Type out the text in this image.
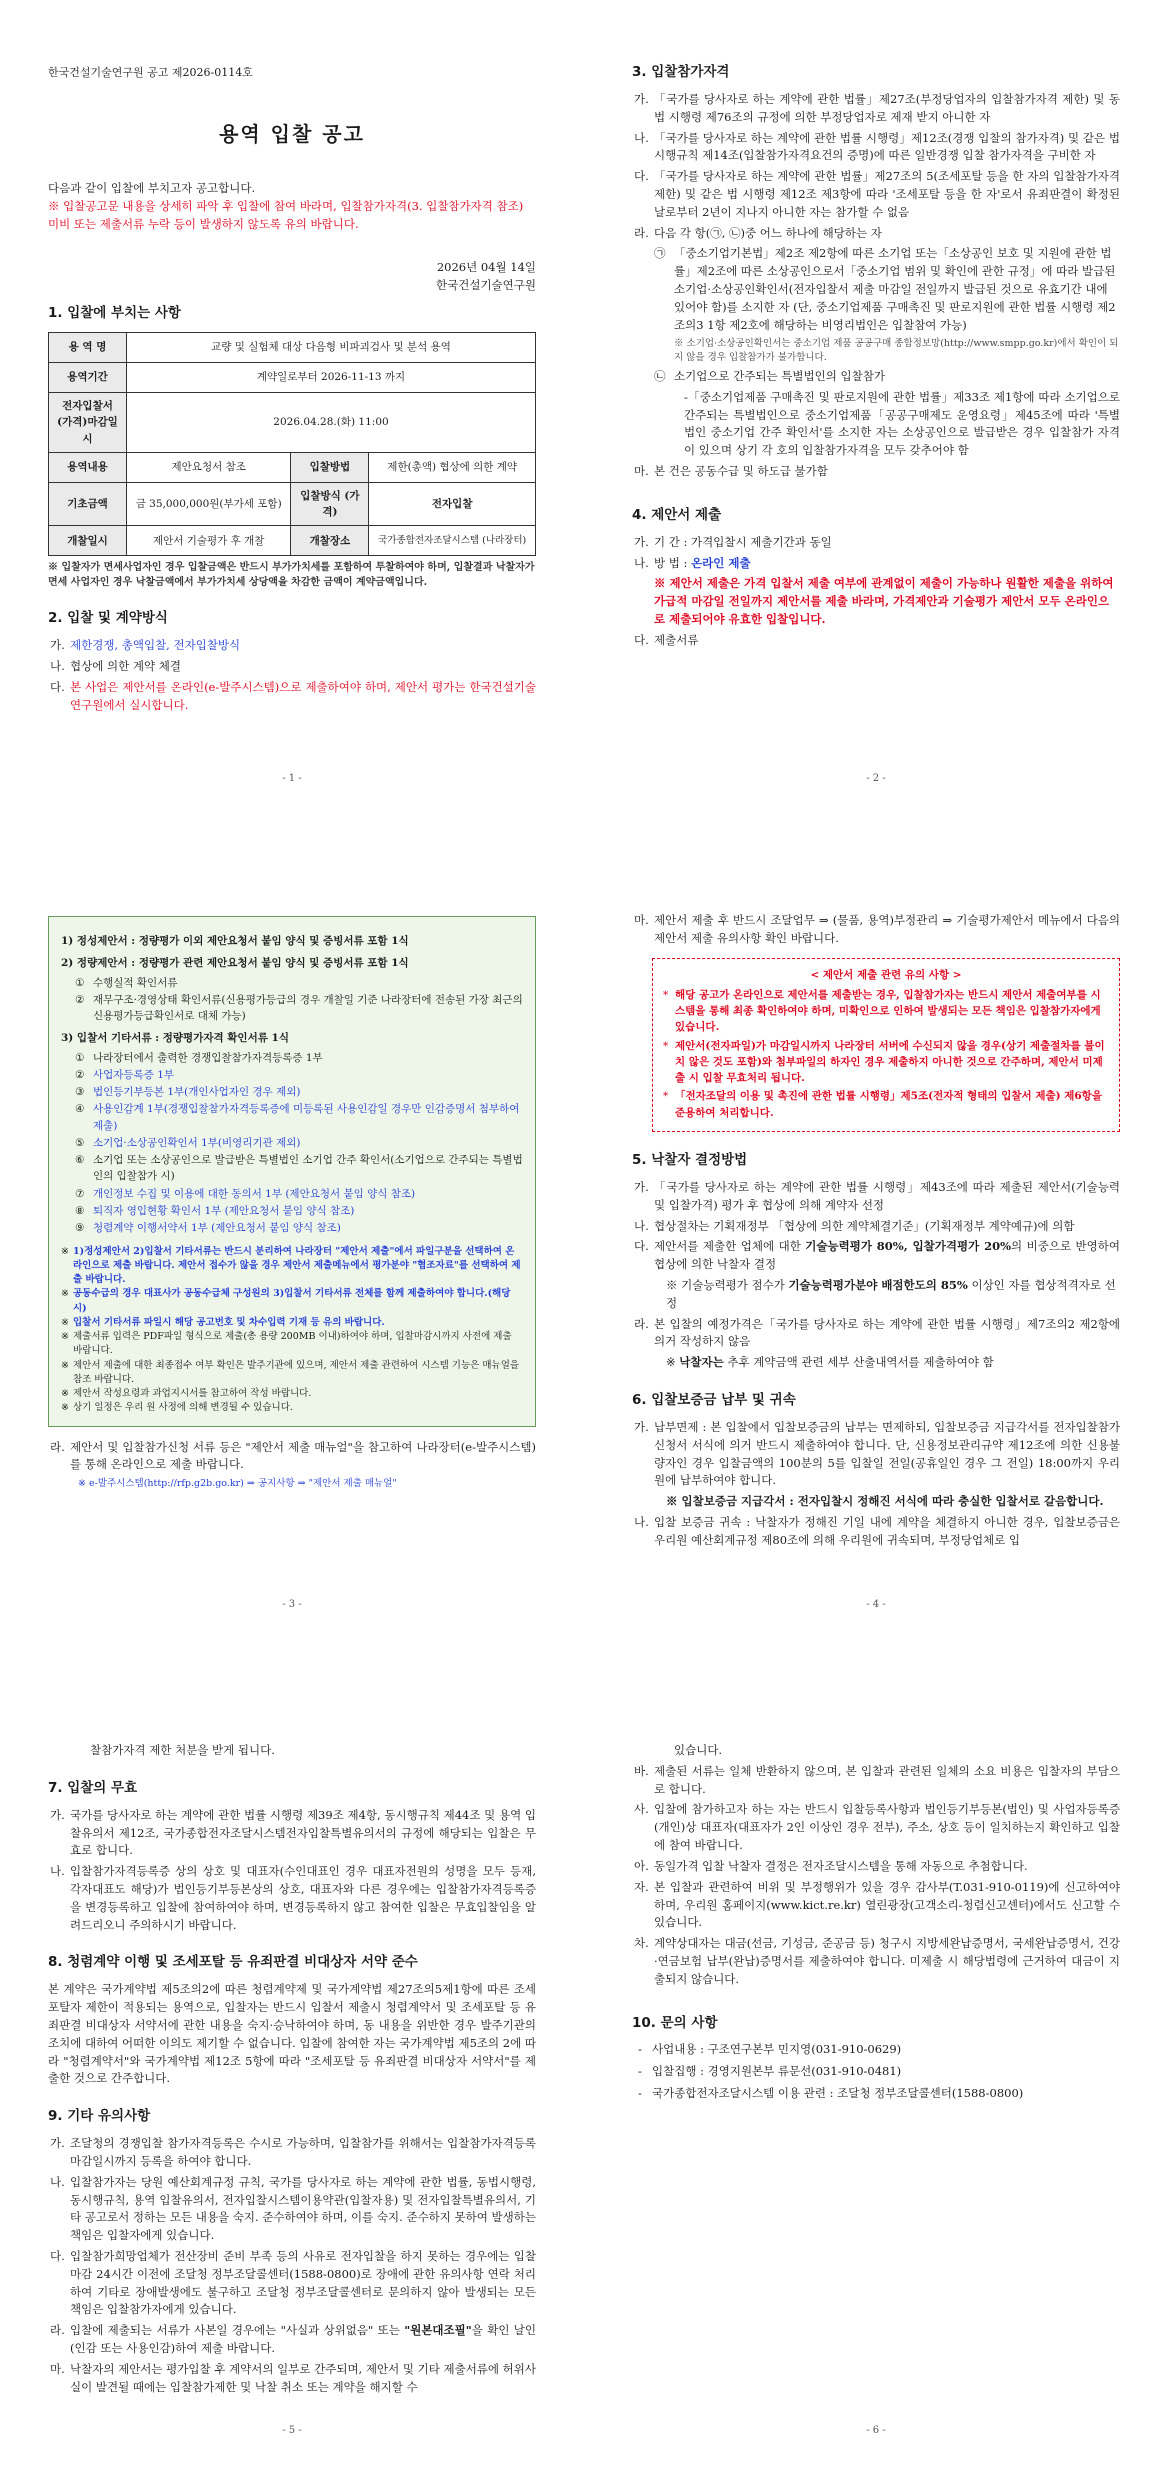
한국건설기술연구원 공고 제2026-0114호
용역 입찰 공고
다음과 같이 입찰에 부치고자 공고합니다.
※ 입찰공고문 내용을 상세히 파악 후 입찰에 참여 바라며, 입찰참가자격(3. 입찰참가자격 참조) 미비 또는 제출서류 누락 등이 발생하지 않도록 유의 바랍니다.
2026년 04월 14일
한국건설기술연구원
1. 입찰에 부치는 사항
용 역 명	교량 및 실험체 대상 다음형 비파괴검사 및 분석 용역		
용역기간	계약일로부터 2026-11-13 까지		
전자입찰서 (가격)마감일시	2026.04.28.(화) 11:00		
용역내용	제안요청서 참조	입찰방법	제한(총액) 협상에 의한 계약
기초금액	금 35,000,000원(부가세 포함)	입찰방식 (가격)	전자입찰
개찰일시	제안서 기술평가 후 개찰	개찰장소	국가종합전자조달시스템 (나라장터)
※ 입찰자가 면세사업자인 경우 입찰금액은 반드시 부가가치세를 포함하여 투찰하여야 하며, 입찰결과 낙찰자가 면세 사업자인 경우 낙찰금액에서 부가가치세 상당액을 차감한 금액이 계약금액입니다.
2. 입찰 및 계약방식
가. 제한경쟁, 총액입찰, 전자입찰방식
나. 협상에 의한 계약 체결
다. 본 사업은 제안서를 온라인(e-발주시스템)으로 제출하여야 하며, 제안서 평가는 한국건설기술연구원에서 실시합니다.
- 1 -
3. 입찰참가자격
가. 「국가를 당사자로 하는 계약에 관한 법률」제27조(부정당업자의 입찰참가자격 제한) 및 동법 시행령 제76조의 규정에 의한 부정당업자로 제재 받지 아니한 자
나. 「국가를 당사자로 하는 계약에 관한 법률 시행령」제12조(경쟁 입찰의 참가자격) 및 같은 법 시행규칙 제14조(입찰참가자격요건의 증명)에 따른 일반경쟁 입찰 참가자격을 구비한 자
다. 「국가를 당사자로 하는 계약에 관한 법률」제27조의 5(조세포탈 등을 한 자의 입찰참가자격 제한) 및 같은 법 시행령 제12조 제3항에 따라 '조세포탈 등을 한 자'로서 유죄판결이 확정된 날로부터 2년이 지나지 아니한 자는 참가할 수 없음
라. 다음 각 항(㉠, ㉡)중 어느 하나에 해당하는 자
㉠ 「중소기업기본법」제2조 제2항에 따른 소기업 또는「소상공인 보호 및 지원에 관한 법률」제2조에 따른 소상공인으로서「중소기업 범위 및 확인에 관한 규정」에 따라 발급된 소기업·소상공인확인서(전자입찰서 제출 마감일 전일까지 발급된 것으로 유효기간 내에 있어야 함)를 소지한 자 (단, 중소기업제품 구매촉진 및 판로지원에 관한 법률 시행령 제2조의3 1항 제2호에 해당하는 비영리법인은 입찰참여 가능)
※ 소기업·소상공인확인서는 중소기업 제품 공공구매 종합정보망(http://www.smpp.go.kr)에서 확인이 되지 않을 경우 입찰참가가 불가합니다.
㉡ 소기업으로 간주되는 특별법인의 입찰참가
-「중소기업제품 구매촉진 및 판로지원에 관한 법률」제33조 제1항에 따라 소기업으로 간주되는 특별법인으로 중소기업제품「공공구매제도 운영요령」제45조에 따라 '특별법인 중소기업 간주 확인서'를 소지한 자는 소상공인으로 발급받은 경우 입찰참가 자격이 있으며 상기 각 호의 입찰참가자격을 모두 갖추어야 함
마. 본 건은 공동수급 및 하도급 불가함
4. 제안서 제출
가. 기 간 : 가격입찰시 제출기간과 동일
나. 방 법 : 온라인 제출
※ 제안서 제출은 가격 입찰서 제출 여부에 관계없이 제출이 가능하나 원활한 제출을 위하여 가급적 마감일 전일까지 제안서를 제출 바라며, 가격제안과 기술평가 제안서 모두 온라인으로 제출되어야 유효한 입찰입니다.
다. 제출서류
- 2 -
1) 정성제안서 : 정량평가 이외 제안요청서 붙임 양식 및 증빙서류 포함 1식
2) 정량제안서 : 정량평가 관련 제안요청서 붙임 양식 및 증빙서류 포함 1식
① 수행실적 확인서류
② 재무구조·경영상태 확인서류(신용평가등급의 경우 개찰일 기준 나라장터에 전송된 가장 최근의 신용평가등급확인서로 대체 가능)
3) 입찰서 기타서류 : 정량평가자격 확인서류 1식
① 나라장터에서 출력한 경쟁입찰참가자격등록증 1부
② 사업자등록증 1부
③ 법인등기부등본 1부(개인사업자인 경우 제외)
④ 사용인감계 1부(경쟁입찰참가자격등록증에 미등록된 사용인감일 경우만 인감증명서 첨부하여 제출)
⑤ 소기업·소상공인확인서 1부(비영리기관 제외)
⑥ 소기업 또는 소상공인으로 발급받은 특별법인 소기업 간주 확인서(소기업으로 간주되는 특별법인의 입찰참가 시)
⑦ 개인정보 수집 및 이용에 대한 동의서 1부 (제안요청서 붙임 양식 참조)
⑧ 퇴직자 영입현황 확인서 1부 (제안요청서 붙임 양식 참조)
⑨ 청렴계약 이행서약서 1부 (제안요청서 붙임 양식 참조)
※ 1)정성제안서 2)입찰서 기타서류는 반드시 분리하여 나라장터 "제안서 제출"에서 파일구분을 선택하여 온라인으로 제출 바랍니다. 제안서 접수가 않을 경우 제안서 제출메뉴에서 평가분야 "협조자료"를 선택하여 제출 바랍니다.
※ 공동수급의 경우 대표사가 공동수급체 구성원의 3)입찰서 기타서류 전체를 함께 제출하여야 합니다.(해당 시)
※ 입찰서 기타서류 파일시 해당 공고번호 및 차수입력 기재 등 유의 바랍니다.
※ 제출서류 입력은 PDF파일 형식으로 제출(총 용량 200MB 이내)하여야 하며, 입찰마감시까지 사전에 제출 바랍니다.
※ 제안서 제출에 대한 최종접수 여부 확인은 발주기관에 있으며, 제안서 제출 관련하여 시스템 기능은 매뉴얼을 참조 바랍니다.
※ 제안서 작성요령과 과업지시서를 참고하여 작성 바랍니다.
※ 상기 일정은 우리 원 사정에 의해 변경될 수 있습니다.
라. 제안서 및 입찰참가신청 서류 등은 "제안서 제출 매뉴얼"을 참고하여 나라장터(e-발주시스템)를 통해 온라인으로 제출 바랍니다.
※ e-발주시스템(http://rfp.g2b.go.kr) ⇒ 공지사항 ⇒ "제안서 제출 매뉴얼"
- 3 -
마. 제안서 제출 후 반드시 조달업무 ⇒ (물품, 용역)부정관리 ⇒ 기술평가제안서 메뉴에서 다음의 제안서 제출 유의사항 확인 바랍니다.
< 제안서 제출 관련 유의 사항 >
* 해당 공고가 온라인으로 제안서를 제출받는 경우, 입찰참가자는 반드시 제안서 제출여부를 시스템을 통해 최종 확인하여야 하며, 미확인으로 인하여 발생되는 모든 책임은 입찰참가자에게 있습니다.
* 제안서(전자파일)가 마감일시까지 나라장터 서버에 수신되지 않을 경우(상기 제출절차를 불이치 않은 것도 포함)와 첨부파일의 하자인 경우 제출하지 아니한 것으로 간주하며, 제안서 미제출 시 입찰 무효처리 됩니다.
* 「전자조달의 이용 및 촉진에 관한 법률 시행령」제5조(전자적 형태의 입찰서 제출) 제6항을 준용하여 처리합니다.
5. 낙찰자 결정방법
가. 「국가를 당사자로 하는 계약에 관한 법률 시행령」제43조에 따라 제출된 제안서(기술능력 및 입찰가격) 평가 후 협상에 의해 계약자 선정
나. 협상절차는 기획재정부 「협상에 의한 계약체결기준」(기획재정부 계약예규)에 의함
다. 제안서를 제출한 업체에 대한 기술능력평가 80%, 입찰가격평가 20%의 비중으로 반영하여 협상에 의한 낙찰자 결정
※ 기술능력평가 점수가 기술능력평가분야 배점한도의 85% 이상인 자를 협상적격자로 선정
라. 본 입찰의 예정가격은「국가를 당사자로 하는 계약에 관한 법률 시행령」제7조의2 제2항에 의거 작성하지 않음
※ 낙찰자는 추후 계약금액 관련 세부 산출내역서를 제출하여야 함
6. 입찰보증금 납부 및 귀속
가. 납부면제 : 본 입찰에서 입찰보증금의 납부는 면제하되, 입찰보증금 지급각서를 전자입찰참가신청서 서식에 의거 반드시 제출하여야 합니다. 단, 신용정보관리규약 제12조에 의한 신용불량자인 경우 입찰금액의 100분의 5를 입찰일 전일(공휴일인 경우 그 전일) 18:00까지 우리원에 납부하여야 합니다.
※ 입찰보증금 지급각서 : 전자입찰시 정해진 서식에 따라 충실한 입찰서로 갈음합니다.
나. 입찰 보증금 귀속 : 낙찰자가 정해진 기일 내에 계약을 체결하지 아니한 경우, 입찰보증금은 우리원 예산회계규정 제80조에 의해 우리원에 귀속되며, 부정당업체로 입
- 4 -
찰참가자격 제한 처분을 받게 됩니다.
7. 입찰의 무효
가. 국가를 당사자로 하는 계약에 관한 법률 시행령 제39조 제4항, 동시행규칙 제44조 및 용역 입찰유의서 제12조, 국가종합전자조달시스템전자입찰특별유의서의 규정에 해당되는 입찰은 무효로 합니다.
나. 입찰참가자격등록증 상의 상호 및 대표자(수인대표인 경우 대표자전원의 성명을 모두 등재, 각자대표도 해당)가 법인등기부등본상의 상호, 대표자와 다른 경우에는 입찰참가자격등록증을 변경등록하고 입찰에 참여하여야 하며, 변경등록하지 않고 참여한 입찰은 무효입찰임을 알려드리오니 주의하시기 바랍니다.
8. 청렴계약 이행 및 조세포탈 등 유죄판결 비대상자 서약 준수
본 계약은 국가계약법 제5조의2에 따른 청렴계약제 및 국가계약법 제27조의5제1항에 따른 조세포탈자 제한이 적용되는 용역으로, 입찰자는 반드시 입찰서 제출시 청렴계약서 및 조세포탈 등 유죄판결 비대상자 서약서에 관한 내용을 숙지·승낙하여야 하며, 동 내용을 위반한 경우 발주기관의 조치에 대하여 어떠한 이의도 제기할 수 없습니다. 입찰에 참여한 자는 국가계약법 제5조의 2에 따라 "청렴계약서"와 국가계약법 제12조 5항에 따라 "조세포탈 등 유죄판결 비대상자 서약서"를 제출한 것으로 간주합니다.
9. 기타 유의사항
가. 조달청의 경쟁입찰 참가자격등록은 수시로 가능하며, 입찰참가를 위해서는 입찰참가자격등록마감일시까지 등록을 하여야 합니다.
나. 입찰참가자는 당원 예산회계규정 규칙, 국가를 당사자로 하는 계약에 관한 법률, 동법시행령, 동시행규칙, 용역 입찰유의서, 전자입찰시스템이용약관(입찰자용) 및 전자입찰특별유의서, 기타 공고로서 정하는 모든 내용을 숙지. 준수하여야 하며, 이를 숙지. 준수하지 못하여 발생하는 책임은 입찰자에게 있습니다.
다. 입찰참가희망업체가 전산장비 준비 부족 등의 사유로 전자입찰을 하지 못하는 경우에는 입찰마감 24시간 이전에 조달청 정부조달콜센터(1588-0800)로 장애에 관한 유의사항 연락 처리하여 기타로 장애발생에도 불구하고 조달청 정부조달콜센터로 문의하지 않아 발생되는 모든 책임은 입찰참가자에게 있습니다.
라. 입찰에 제출되는 서류가 사본일 경우에는 "사실과 상위없음" 또는 "원본대조필"을 확인 날인(인감 또는 사용인감)하여 제출 바랍니다.
마. 낙찰자의 제안서는 평가입찰 후 계약서의 일부로 간주되며, 제안서 및 기타 제출서류에 허위사실이 발견될 때에는 입찰참가제한 및 낙찰 취소 또는 계약을 해지할 수
- 5 -
있습니다.
바. 제출된 서류는 일체 반환하지 않으며, 본 입찰과 관련된 일체의 소요 비용은 입찰자의 부담으로 합니다.
사. 입찰에 참가하고자 하는 자는 반드시 입찰등록사항과 법인등기부등본(법인) 및 사업자등록증(개인)상 대표자(대표자가 2인 이상인 경우 전부), 주소, 상호 등이 일치하는지 확인하고 입찰에 참여 바랍니다.
아. 동일가격 입찰 낙찰자 결정은 전자조달시스템을 통해 자동으로 추첨합니다.
자. 본 입찰과 관련하여 비위 및 부정행위가 있을 경우 감사부(T.031-910-0119)에 신고하여야 하며, 우리원 홈페이지(www.kict.re.kr) 열린광장(고객소리-청렴신고센터)에서도 신고할 수 있습니다.
차. 계약상대자는 대금(선금, 기성금, 준공금 등) 청구시 지방세완납증명서, 국세완납증명서, 건강·연금보험 납부(완납)증명서를 제출하여야 합니다. 미제출 시 해당법령에 근거하여 대금이 지출되지 않습니다.
10. 문의 사항
- 사업내용 : 구조연구본부 민지영(031-910-0629)
- 입찰집행 : 경영지원본부 류문선(031-910-0481)
- 국가종합전자조달시스템 이용 관련 : 조달청 정부조달콜센터(1588-0800)
- 6 -
